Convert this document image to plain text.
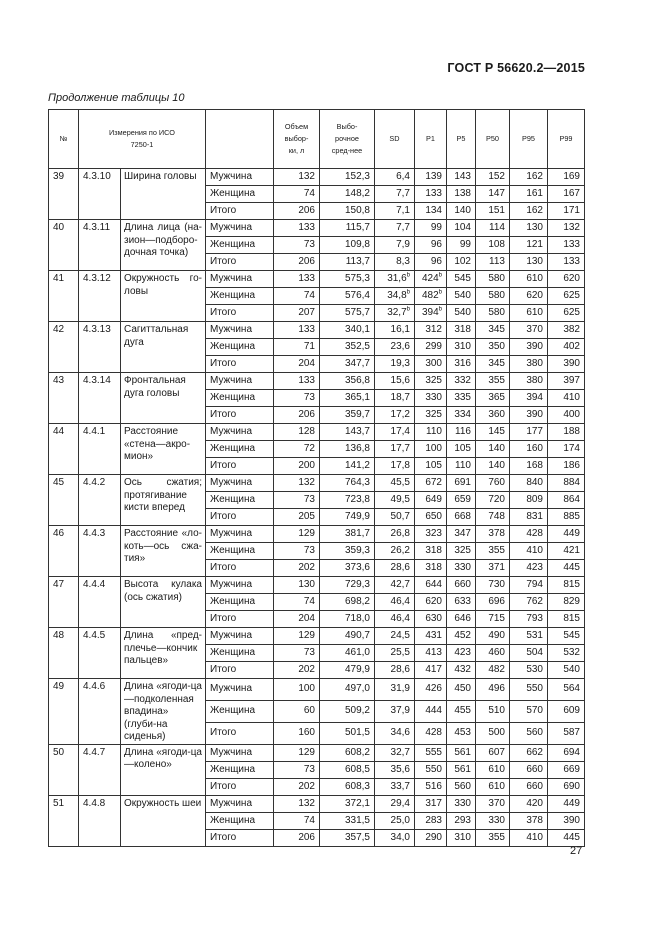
ГОСТ Р 56620.2—2015
Продолжение таблицы 10
№	Измерения по ИСО 7250-1			Объем выбор-ки, л	Выбо-рочное сред-нее	SD	P1	P5	P50	P95	P99
39	4.3.10	Ширина головы	Мужчина	132	152,3	6,4	139	143	152	162	169
			Женщина	74	148,2	7,7	133	138	147	161	167
			Итого	206	150,8	7,1	134	140	151	162	171
40	4.3.11	Длина лица (на-зион—подборо-дочная точка)	Мужчина	133	115,7	7,7	99	104	114	130	132
			Женщина	73	109,8	7,9	96	99	108	121	133
			Итого	206	113,7	8,3	96	102	113	130	133
41	4.3.12	Окружность го-ловы	Мужчина	133	575,3	31,6$^b$	424$^b$	545	580	610	620
			Женщина	74	576,4	34,8$^b$	482$^b$	540	580	620	625
			Итого	207	575,7	32,7$^b$	394$^b$	540	580	610	625
42	4.3.13	Сагиттальная дуга	Мужчина	133	340,1	16,1	312	318	345	370	382
			Женщина	71	352,5	23,6	299	310	350	390	402
			Итого	204	347,7	19,3	300	316	345	380	390
43	4.3.14	Фронтальная дуга головы	Мужчина	133	356,8	15,6	325	332	355	380	397
			Женщина	73	365,1	18,7	330	335	365	394	410
			Итого	206	359,7	17,2	325	334	360	390	400
44	4.4.1	Расстояние «стена—акро-мион»	Мужчина	128	143,7	17,4	110	116	145	177	188
			Женщина	72	136,8	17,7	100	105	140	160	174
			Итого	200	141,2	17,8	105	110	140	168	186
45	4.4.2	Ось сжатия; протягивание кисти вперед	Мужчина	132	764,3	45,5	672	691	760	840	884
			Женщина	73	723,8	49,5	649	659	720	809	864
			Итого	205	749,9	50,7	650	668	748	831	885
46	4.4.3	Расстояние «ло-коть—ось сжа-тия»	Мужчина	129	381,7	26,8	323	347	378	428	449
			Женщина	73	359,3	26,2	318	325	355	410	421
			Итого	202	373,6	28,6	318	330	371	423	445
47	4.4.4	Высота кулака (ось сжатия)	Мужчина	130	729,3	42,7	644	660	730	794	815
			Женщина	74	698,2	46,4	620	633	696	762	829
			Итого	204	718,0	46,4	630	646	715	793	815
48	4.4.5	Длина «пред-плечье—кончик пальцев»	Мужчина	129	490,7	24,5	431	452	490	531	545
			Женщина	73	461,0	25,5	413	423	460	504	532
			Итого	202	479,9	28,6	417	432	482	530	540
49	4.4.6	Длина «ягоди-ца—подколенная впадина» (глуби-на сиденья)	Мужчина	100	497,0	31,9	426	450	496	550	564
			Женщина	60	509,2	37,9	444	455	510	570	609
			Итого	160	501,5	34,6	428	453	500	560	587
50	4.4.7	Длина «ягоди-ца—колено»	Мужчина	129	608,2	32,7	555	561	607	662	694
			Женщина	73	608,5	35,6	550	561	610	660	669
			Итого	202	608,3	33,7	516	560	610	660	690
51	4.4.8	Окружность шеи	Мужчина	132	372,1	29,4	317	330	370	420	449
			Женщина	74	331,5	25,0	283	293	330	378	390
			Итого	206	357,5	34,0	290	310	355	410	445
27
